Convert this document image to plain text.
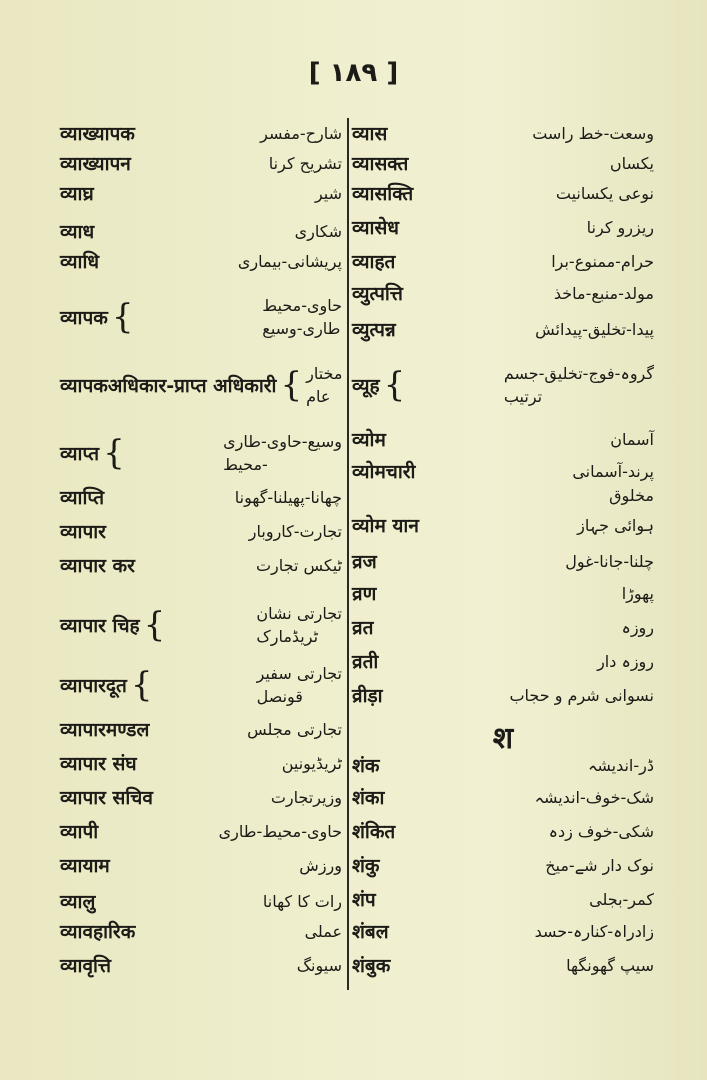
[ ۱۸۹ ]
व्याख्यापक	شارح-مفسر
व्याख्यापन	تشریح کرنا
व्याघ्र	شیر
व्याध	شکاری
व्याधि	پریشانی-بیماری
व्यापक {	حاوی-محیط
طاری-وسیع
व्यापकअधिकार-प्राप्त अधिकारी { مختار
عام
व्याप्त {	وسیع-حاوی-طاری
-محیط
व्याप्ति	چھانا-پھیلنا-گھونا
व्यापार	تجارت-کاروبار
व्यापार कर	ٹیکس تجارت
व्यापार चिह {	تجارتی نشان
ٹریڈمارک
व्यापारदूत {	تجارتی سفیر
قونصل
व्यापारमण्डल	تجارتی مجلس
व्यापार संघ	ٹریڈیونین
व्यापार सचिव	وزیرتجارت
व्यापी	حاوی-محیط-طاری
व्यायाम	ورزش
व्यालु	رات کا کھانا
व्यावहारिक	عملی
व्यावृत्ति	سیونگ
व्यास	وسعت-خط راست
व्यासक्त	یکساں
व्यासक्ति	نوعی یکسانیت
व्यासेध	ریزرو کرنا
व्याहत	حرام-ممنوع-برا
व्युत्पत्ति	مولد-منبع-ماخذ
व्युत्पन्न	پیدا-تخلیق-پیدائش
व्यूह {	گروہ-فوج-تخلیق-جسم
ترتیب
व्योम	آسمان
व्योमचारी	پرند-آسمانی
مخلوق
व्योम यान	ہوائی جہاز
व्रज	چلنا-جانا-غول
व्रण	پھوڑا
व्रत	روزہ
व्रती	روزہ دار
व्रीड़ा	نسوانی شرم و حجاب
श
शंक	ڈر-اندیشہ
शंका	شک-خوف-اندیشہ
शंकित	شکی-خوف زدہ
शंकु	نوک دار شے-میخ
शंप	کمر-بجلی
शंबल	زادراہ-کنارہ-حسد
शंबुक	سیپ گھونگھا
